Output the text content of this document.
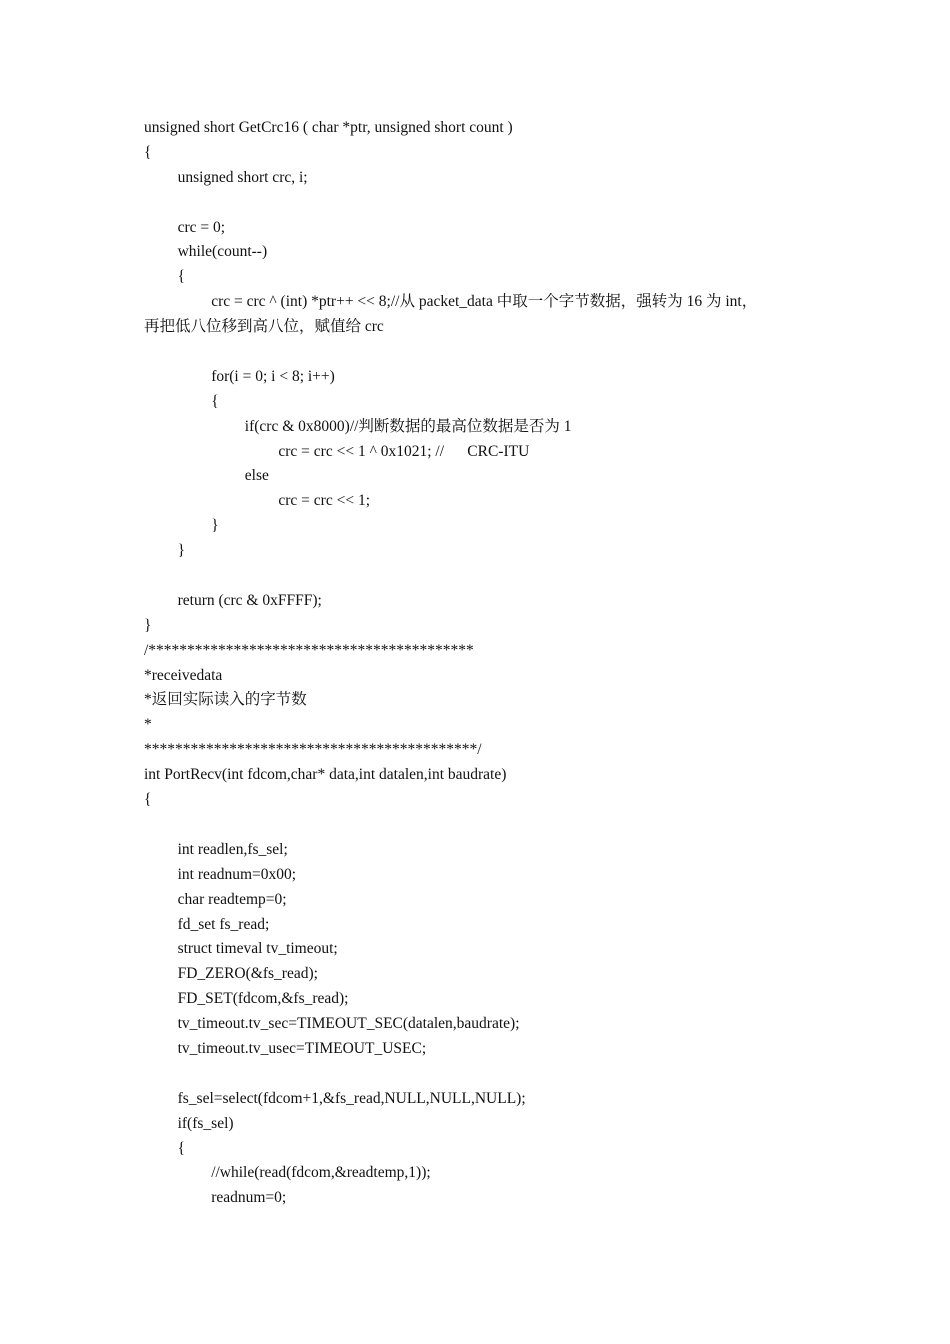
unsigned short GetCrc16 ( char *ptr, unsigned short count )
{
unsigned short crc, i;
crc = 0;
while(count--)
{
crc = crc ^ (int) *ptr++ << 8;//从 packet_data 中取一个字节数据，强转为 16 为 int，
再把低八位移到高八位，赋值给 crc
for(i = 0; i < 8; i++)
{
if(crc & 0x8000)//判断数据的最高位数据是否为 1
crc = crc << 1 ^ 0x1021; //      CRC-ITU
else
crc = crc << 1;
}
}
return (crc & 0xFFFF);
}
/******************************************
*receivedata
*返回实际读入的字节数
*
*******************************************/
int PortRecv(int fdcom,char* data,int datalen,int baudrate)
{
int readlen,fs_sel;
int readnum=0x00;
char readtemp=0;
fd_set fs_read;
struct timeval tv_timeout;
FD_ZERO(&fs_read);
FD_SET(fdcom,&fs_read);
tv_timeout.tv_sec=TIMEOUT_SEC(datalen,baudrate);
tv_timeout.tv_usec=TIMEOUT_USEC;
fs_sel=select(fdcom+1,&fs_read,NULL,NULL,NULL);
if(fs_sel)
{
//while(read(fdcom,&readtemp,1));
readnum=0;
